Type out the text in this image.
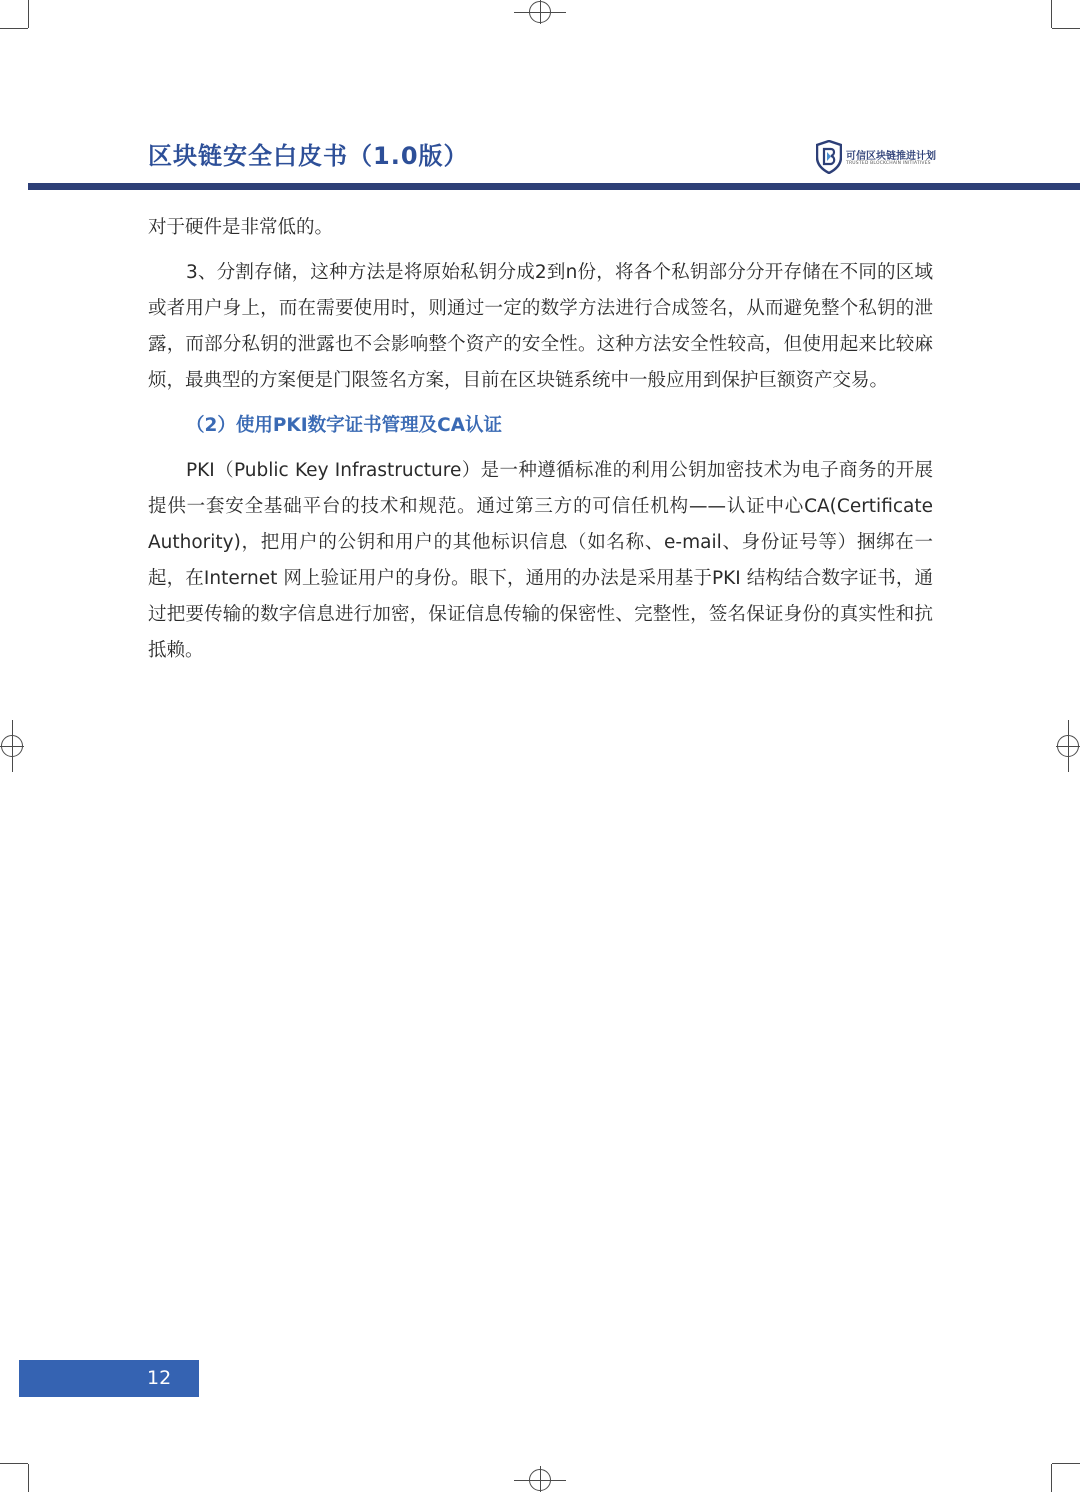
区块链安全白皮书（1.0版）	可信区块链推进计划
TRUSTED BLOCKCHAIN INITIATIVES

对于硬件是非常低的。

3、分割存储，这种方法是将原始私钥分成2到n份，将各个私钥部分分开存储在不同的区域或者用户身上，而在需要使用时，则通过一定的数学方法进行合成签名，从而避免整个私钥的泄露，而部分私钥的泄露也不会影响整个资产的安全性。这种方法安全性较高，但使用起来比较麻烦，最典型的方案便是门限签名方案，目前在区块链系统中一般应用到保护巨额资产交易。

（2）使用PKI数字证书管理及CA认证

PKI（Public Key Infrastructure）是一种遵循标准的利用公钥加密技术为电子商务的开展提供一套安全基础平台的技术和规范。通过第三方的可信任机构——认证中心CA(Certificate Authority)，把用户的公钥和用户的其他标识信息（如名称、e-mail、身份证号等）捆绑在一起，在Internet 网上验证用户的身份。眼下，通用的办法是采用基于PKI 结构结合数字证书，通过把要传输的数字信息进行加密，保证信息传输的保密性、完整性，签名保证身份的真实性和抗抵赖。

12
